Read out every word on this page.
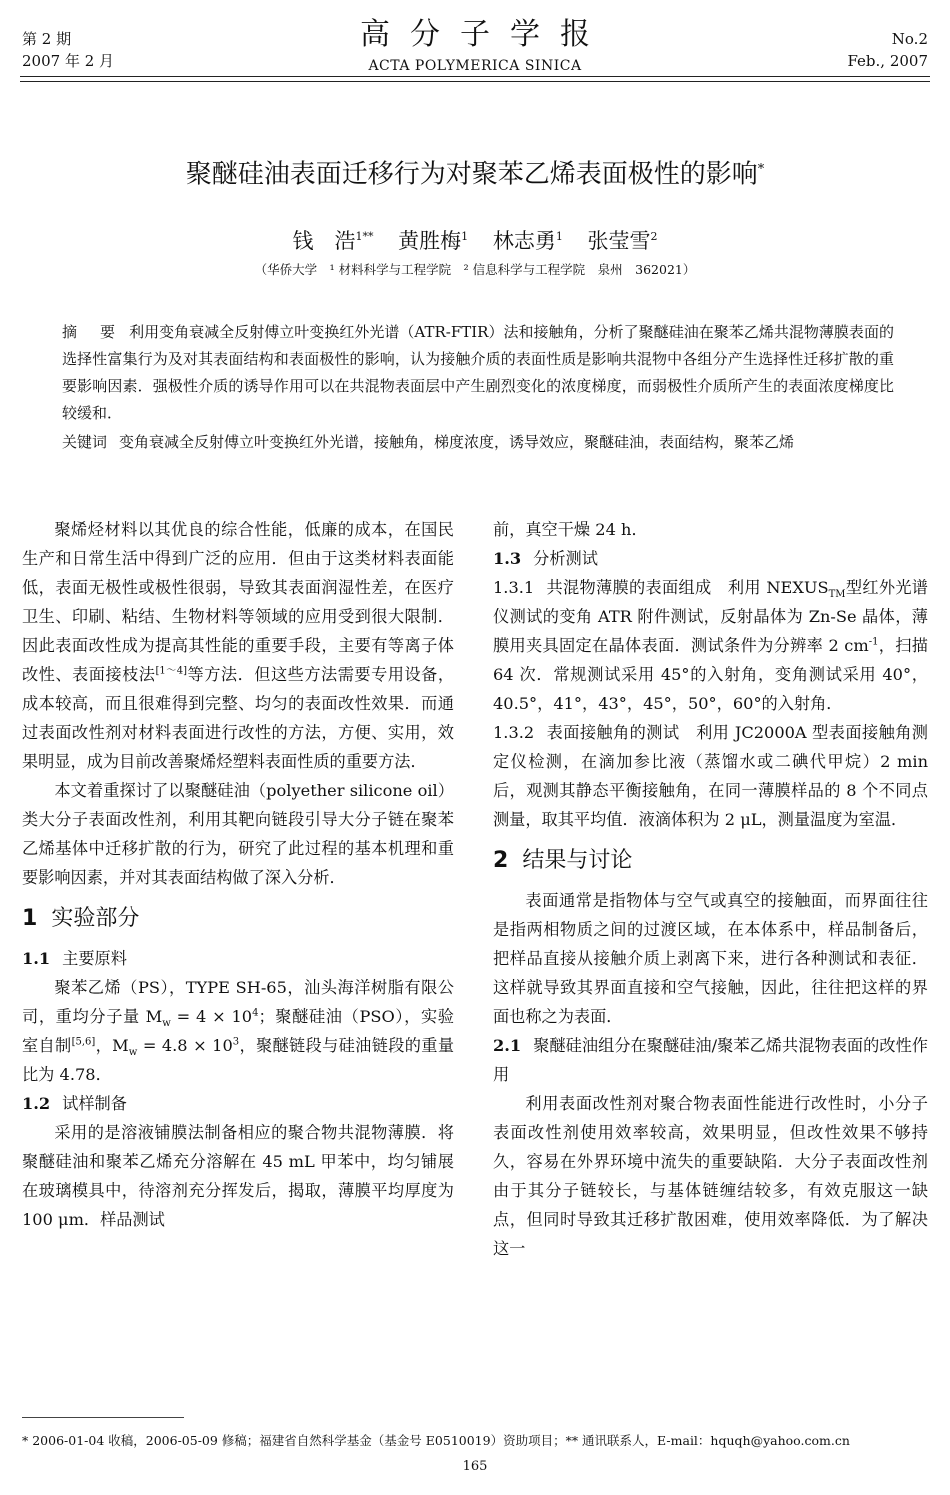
第 2 期
2007 年 2 月
高分子学报
ACTA POLYMERICA SINICA
No.2
Feb., 2007
聚醚硅油表面迁移行为对聚苯乙烯表面极性的影响*
钱　浩$^{1**}$ 黄胜梅$^1$ 林志勇$^1$ 张莹雪$^2$
（华侨大学　¹ 材料科学与工程学院　² 信息科学与工程学院　泉州　362021）
摘　要 利用变角衰减全反射傅立叶变换红外光谱（ATR-FTIR）法和接触角，分析了聚醚硅油在聚苯乙烯共混物薄膜表面的选择性富集行为及对其表面结构和表面极性的影响，认为接触介质的表面性质是影响共混物中各组分产生选择性迁移扩散的重要影响因素．强极性介质的诱导作用可以在共混物表面层中产生剧烈变化的浓度梯度，而弱极性介质所产生的表面浓度梯度比较缓和．
关键词 变角衰减全反射傅立叶变换红外光谱，接触角，梯度浓度，诱导效应，聚醚硅油，表面结构，聚苯乙烯

聚烯烃材料以其优良的综合性能，低廉的成本，在国民生产和日常生活中得到广泛的应用．但由于这类材料表面能低，表面无极性或极性很弱，导致其表面润湿性差，在医疗卫生、印刷、粘结、生物材料等领域的应用受到很大限制．因此表面改性成为提高其性能的重要手段，主要有等离子体改性、表面接枝法[1～4]等方法．但这些方法需要专用设备，成本较高，而且很难得到完整、均匀的表面改性效果．而通过表面改性剂对材料表面进行改性的方法，方便、实用，效果明显，成为目前改善聚烯烃塑料表面性质的重要方法．

本文着重探讨了以聚醚硅油（polyether silicone oil）类大分子表面改性剂，利用其靶向链段引导大分子链在聚苯乙烯基体中迁移扩散的行为，研究了此过程的基本机理和重要影响因素，并对其表面结构做了深入分析．

1 实验部分

1.1 主要原料

聚苯乙烯（PS），TYPE SH-65，汕头海洋树脂有限公司，重均分子量 $M_w = 4 \times 10^4$；聚醚硅油（PSO），实验室自制[5,6]，$M_w = 4.8 \times 10^3$，聚醚链段与硅油链段的重量比为 4.78．

1.2 试样制备

采用的是溶液铺膜法制备相应的聚合物共混物薄膜．将聚醚硅油和聚苯乙烯充分溶解在 45 mL 甲苯中，均匀铺展在玻璃模具中，待溶剂充分挥发后，揭取，薄膜平均厚度为 100 μm．样品测试

前，真空干燥 24 h．

1.3 分析测试

1.3.1 共混物薄膜的表面组成　利用 $NEXUS_{TM}$型红外光谱仪测试的变角 ATR 附件测试，反射晶体为 Zn-Se 晶体，薄膜用夹具固定在晶体表面．测试条件为分辨率 2 cm$^{-1}$，扫描 64 次．常规测试采用 45°的入射角，变角测试采用 40°，40.5°，41°，43°，45°，50°，60°的入射角．

1.3.2 表面接触角的测试　利用 JC2000A 型表面接触角测定仪检测，在滴加参比液（蒸馏水或二碘代甲烷）2 min 后，观测其静态平衡接触角，在同一薄膜样品的 8 个不同点测量，取其平均值．液滴体积为 2 μL，测量温度为室温．

2 结果与讨论

表面通常是指物体与空气或真空的接触面，而界面往往是指两相物质之间的过渡区域，在本体系中，样品制备后，把样品直接从接触介质上剥离下来，进行各种测试和表征．这样就导致其界面直接和空气接触，因此，往往把这样的界面也称之为表面．

2.1 聚醚硅油组分在聚醚硅油/聚苯乙烯共混物表面的改性作用

利用表面改性剂对聚合物表面性能进行改性时，小分子表面改性剂使用效率较高，效果明显，但改性效果不够持久，容易在外界环境中流失的重要缺陷．大分子表面改性剂由于其分子链较长，与基体链缠结较多，有效克服这一缺点，但同时导致其迁移扩散困难，使用效率降低．为了解决这一

* 2006-01-04 收稿，2006-05-09 修稿；福建省自然科学基金（基金号 E0510019）资助项目；** 通讯联系人，E-mail：hquqh@yahoo.com.cn
165
